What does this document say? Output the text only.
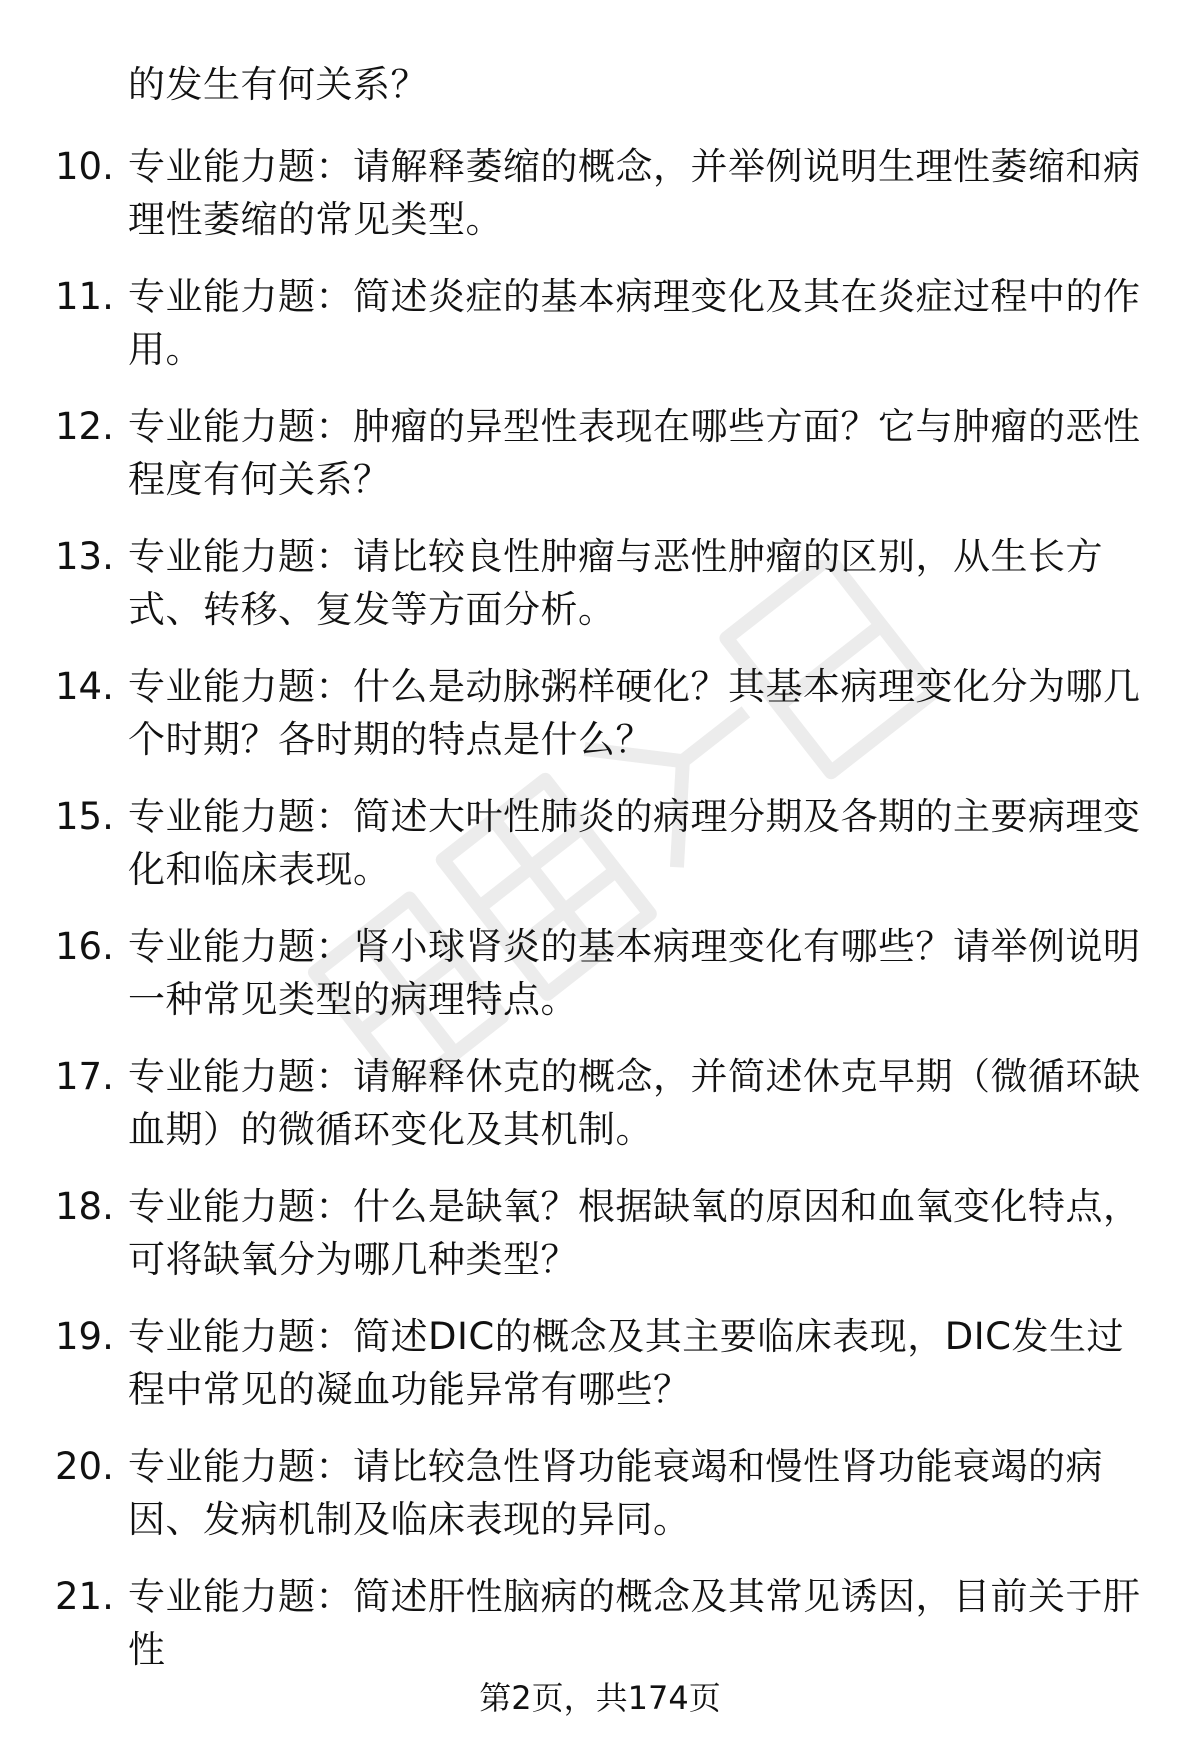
的发生有何关系？
10. 专业能力题：请解释萎缩的概念，并举例说明生理性萎缩和病理性萎缩的常见类型。
11. 专业能力题：简述炎症的基本病理变化及其在炎症过程中的作用。
12. 专业能力题：肿瘤的异型性表现在哪些方面？它与肿瘤的恶性程度有何关系？
13. 专业能力题：请比较良性肿瘤与恶性肿瘤的区别，从生长方式、转移、复发等方面分析。
14. 专业能力题：什么是动脉粥样硬化？其基本病理变化分为哪几个时期？各时期的特点是什么？
15. 专业能力题：简述大叶性肺炎的病理分期及各期的主要病理变化和临床表现。
16. 专业能力题：肾小球肾炎的基本病理变化有哪些？请举例说明一种常见类型的病理特点。
17. 专业能力题：请解释休克的概念，并简述休克早期（微循环缺血期）的微循环变化及其机制。
18. 专业能力题：什么是缺氧？根据缺氧的原因和血氧变化特点，可将缺氧分为哪几种类型？
19. 专业能力题：简述DIC的概念及其主要临床表现，DIC发生过程中常见的凝血功能异常有哪些？
20. 专业能力题：请比较急性肾功能衰竭和慢性肾功能衰竭的病因、发病机制及临床表现的异同。
21. 专业能力题：简述肝性脑病的概念及其常见诱因，目前关于肝性
第2页，共174页
